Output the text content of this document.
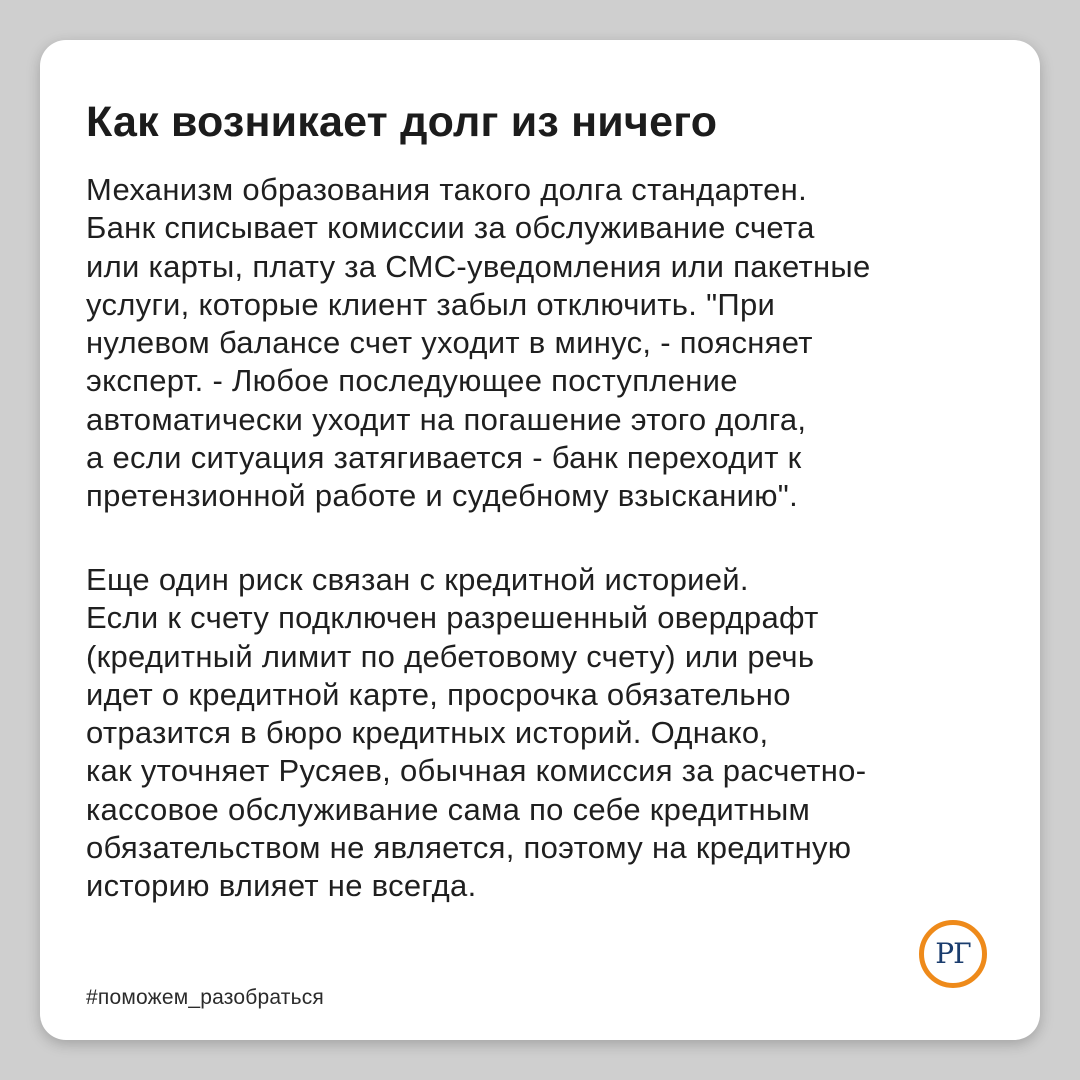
Как возникает долг из ничего

Механизм образования такого долга стандартен.
Банк списывает комиссии за обслуживание счета
или карты, плату за СМС-уведомления или пакетные
услуги, которые клиент забыл отключить. "При
нулевом балансе счет уходит в минус, - поясняет
эксперт. - Любое последующее поступление
автоматически уходит на погашение этого долга,
а если ситуация затягивается - банк переходит к
претензионной работе и судебному взысканию".

Еще один риск связан с кредитной историей.
Если к счету подключен разрешенный овердрафт
(кредитный лимит по дебетовому счету) или речь
идет о кредитной карте, просрочка обязательно
отразится в бюро кредитных историй. Однако,
как уточняет Русяев, обычная комиссия за расчетно-
кассовое обслуживание сама по себе кредитным
обязательством не является, поэтому на кредитную
историю влияет не всегда.

#поможем_разобраться
РГ
